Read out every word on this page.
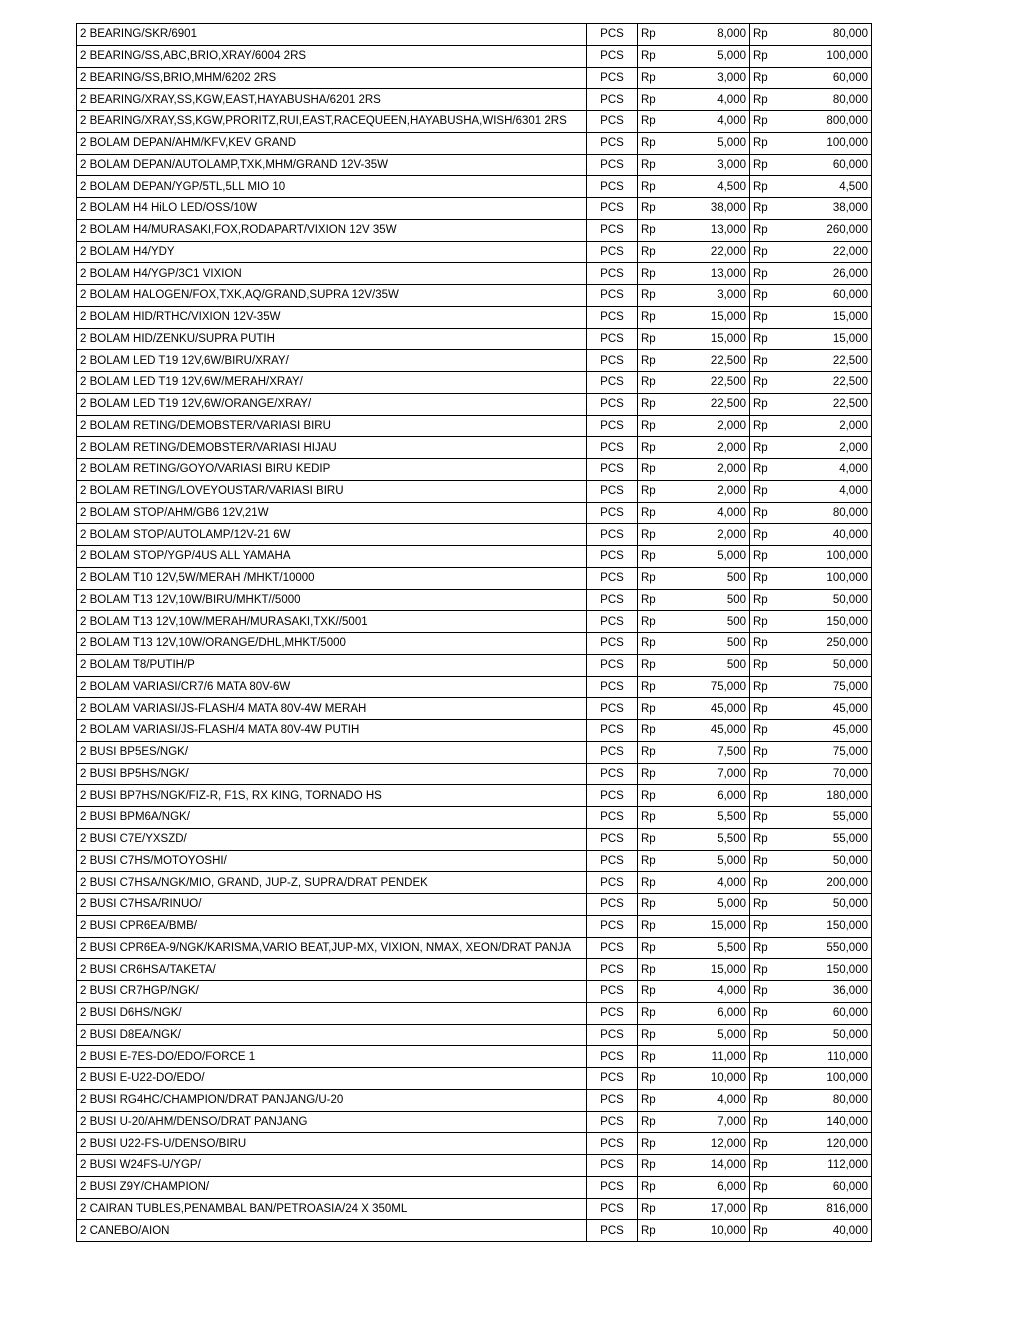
2 BEARING/SKR/6901	PCS	Rp	8,000	Rp	80,000
2 BEARING/SS,ABC,BRIO,XRAY/6004 2RS	PCS	Rp	5,000	Rp	100,000
2 BEARING/SS,BRIO,MHM/6202 2RS	PCS	Rp	3,000	Rp	60,000
2 BEARING/XRAY,SS,KGW,EAST,HAYABUSHA/6201 2RS	PCS	Rp	4,000	Rp	80,000
2 BEARING/XRAY,SS,KGW,PRORITZ,RUI,EAST,RACEQUEEN,HAYABUSHA,WISH/6301 2RS	PCS	Rp	4,000	Rp	800,000
2 BOLAM DEPAN/AHM/KFV,KEV GRAND	PCS	Rp	5,000	Rp	100,000
2 BOLAM DEPAN/AUTOLAMP,TXK,MHM/GRAND 12V-35W	PCS	Rp	3,000	Rp	60,000
2 BOLAM DEPAN/YGP/5TL,5LL MIO 10	PCS	Rp	4,500	Rp	4,500
2 BOLAM H4 HiLO LED/OSS/10W	PCS	Rp	38,000	Rp	38,000
2 BOLAM H4/MURASAKI,FOX,RODAPART/VIXION 12V 35W	PCS	Rp	13,000	Rp	260,000
2 BOLAM H4/YDY	PCS	Rp	22,000	Rp	22,000
2 BOLAM H4/YGP/3C1 VIXION	PCS	Rp	13,000	Rp	26,000
2 BOLAM HALOGEN/FOX,TXK,AQ/GRAND,SUPRA 12V/35W	PCS	Rp	3,000	Rp	60,000
2 BOLAM HID/RTHC/VIXION 12V-35W	PCS	Rp	15,000	Rp	15,000
2 BOLAM HID/ZENKU/SUPRA PUTIH	PCS	Rp	15,000	Rp	15,000
2 BOLAM LED T19 12V,6W/BIRU/XRAY/	PCS	Rp	22,500	Rp	22,500
2 BOLAM LED T19 12V,6W/MERAH/XRAY/	PCS	Rp	22,500	Rp	22,500
2 BOLAM LED T19 12V,6W/ORANGE/XRAY/	PCS	Rp	22,500	Rp	22,500
2 BOLAM RETING/DEMOBSTER/VARIASI BIRU	PCS	Rp	2,000	Rp	2,000
2 BOLAM RETING/DEMOBSTER/VARIASI HIJAU	PCS	Rp	2,000	Rp	2,000
2 BOLAM RETING/GOYO/VARIASI BIRU KEDIP	PCS	Rp	2,000	Rp	4,000
2 BOLAM RETING/LOVEYOUSTAR/VARIASI BIRU	PCS	Rp	2,000	Rp	4,000
2 BOLAM STOP/AHM/GB6 12V,21W	PCS	Rp	4,000	Rp	80,000
2 BOLAM STOP/AUTOLAMP/12V-21 6W	PCS	Rp	2,000	Rp	40,000
2 BOLAM STOP/YGP/4US ALL YAMAHA	PCS	Rp	5,000	Rp	100,000
2 BOLAM T10 12V,5W/MERAH /MHKT/10000	PCS	Rp	500	Rp	100,000
2 BOLAM T13 12V,10W/BIRU/MHKT//5000	PCS	Rp	500	Rp	50,000
2 BOLAM T13 12V,10W/MERAH/MURASAKI,TXK//5001	PCS	Rp	500	Rp	150,000
2 BOLAM T13 12V,10W/ORANGE/DHL,MHKT/5000	PCS	Rp	500	Rp	250,000
2 BOLAM T8/PUTIH/P	PCS	Rp	500	Rp	50,000
2 BOLAM VARIASI/CR7/6 MATA 80V-6W	PCS	Rp	75,000	Rp	75,000
2 BOLAM VARIASI/JS-FLASH/4 MATA 80V-4W MERAH	PCS	Rp	45,000	Rp	45,000
2 BOLAM VARIASI/JS-FLASH/4 MATA 80V-4W PUTIH	PCS	Rp	45,000	Rp	45,000
2 BUSI BP5ES/NGK/	PCS	Rp	7,500	Rp	75,000
2 BUSI BP5HS/NGK/	PCS	Rp	7,000	Rp	70,000
2 BUSI BP7HS/NGK/FIZ-R, F1S, RX KING, TORNADO HS	PCS	Rp	6,000	Rp	180,000
2 BUSI BPM6A/NGK/	PCS	Rp	5,500	Rp	55,000
2 BUSI C7E/YXSZD/	PCS	Rp	5,500	Rp	55,000
2 BUSI C7HS/MOTOYOSHI/	PCS	Rp	5,000	Rp	50,000
2 BUSI C7HSA/NGK/MIO, GRAND, JUP-Z, SUPRA/DRAT PENDEK	PCS	Rp	4,000	Rp	200,000
2 BUSI C7HSA/RINUO/	PCS	Rp	5,000	Rp	50,000
2 BUSI CPR6EA/BMB/	PCS	Rp	15,000	Rp	150,000
2 BUSI CPR6EA-9/NGK/KARISMA,VARIO BEAT,JUP-MX, VIXION, NMAX, XEON/DRAT PANJA	PCS	Rp	5,500	Rp	550,000
2 BUSI CR6HSA/TAKETA/	PCS	Rp	15,000	Rp	150,000
2 BUSI CR7HGP/NGK/	PCS	Rp	4,000	Rp	36,000
2 BUSI D6HS/NGK/	PCS	Rp	6,000	Rp	60,000
2 BUSI D8EA/NGK/	PCS	Rp	5,000	Rp	50,000
2 BUSI E-7ES-DO/EDO/FORCE 1	PCS	Rp	11,000	Rp	110,000
2 BUSI E-U22-DO/EDO/	PCS	Rp	10,000	Rp	100,000
2 BUSI RG4HC/CHAMPION/DRAT PANJANG/U-20	PCS	Rp	4,000	Rp	80,000
2 BUSI U-20/AHM/DENSO/DRAT PANJANG	PCS	Rp	7,000	Rp	140,000
2 BUSI U22-FS-U/DENSO/BIRU	PCS	Rp	12,000	Rp	120,000
2 BUSI W24FS-U/YGP/	PCS	Rp	14,000	Rp	112,000
2 BUSI Z9Y/CHAMPION/	PCS	Rp	6,000	Rp	60,000
2 CAIRAN TUBLES,PENAMBAL BAN/PETROASIA/24 X 350ML	PCS	Rp	17,000	Rp	816,000
2 CANEBO/AION	PCS	Rp	10,000	Rp	40,000
